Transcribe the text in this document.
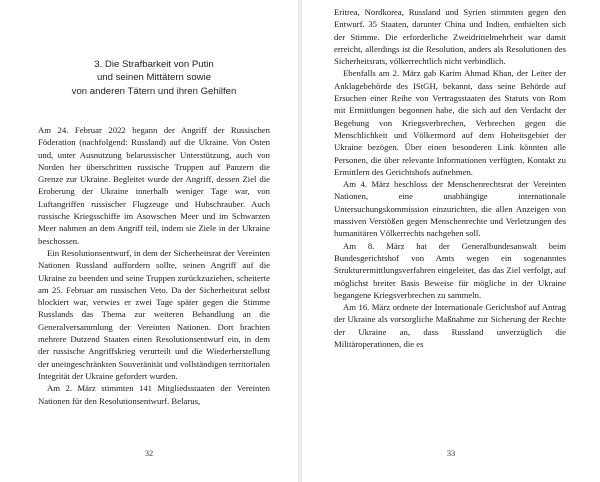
3. Die Strafbarkeit von Putin
und seinen Mittätern sowie
von anderen Tätern und ihren Gehilfen

Am 24. Februar 2022 begann der Angriff der Russischen Föderation (nachfolgend: Russland) auf die Ukraine. Von Osten und, unter Ausnutzung belarussischer Unterstützung, auch von Norden her überschritten russische Truppen auf Panzern die Grenze zur Ukraine. Begleitet wurde der Angriff, dessen Ziel die Eroberung der Ukraine innerhalb weniger Tage war, von Luftangriffen russischer Flugzeuge und Hubschrauber. Auch russische Kriegsschiffe im Asowschen Meer und im Schwarzen Meer nahmen an dem Angriff teil, indem sie Ziele in der Ukraine beschossen.

Ein Resolutionsentwurf, in dem der Sicherheitsrat der Vereinten Nationen Russland auffordern sollte, seinen Angriff auf die Ukraine zu beenden und seine Truppen zurückzuziehen, scheiterte am 25. Februar am russischen Veto. Da der Sicherheitsrat selbst blockiert war, verwies er zwei Tage später gegen die Stimme Russlands das Thema zur weiteren Behandlung an die Generalversammlung der Vereinten Nationen. Dort brachten mehrere Dutzend Staaten einen Resolutionsentwurf ein, in dem der russische Angriffskrieg verurteilt und die Wiederherstellung der uneingeschränkten Souveränität und vollständigen territorialen Integrität der Ukraine gefordert wurden.

Am 2. März stimmten 141 Mitgliedsstaaten der Vereinten Nationen für den Resolutionsentwurf. Belarus,

32

Eritrea, Nordkorea, Russland und Syrien stimmten gegen den Entwurf. 35 Staaten, darunter China und Indien, enthielten sich der Stimme. Die erforderliche Zweidrittelmehrheit war damit erreicht, allerdings ist die Resolution, anders als Resolutionen des Sicherheitsrats, völkerrechtlich nicht verbindlich.

Ebenfalls am 2. März gab Karim Ahmad Khan, der Leiter der Anklagebehörde des IStGH, bekannt, dass seine Behörde auf Ersuchen einer Reihe von Vertragsstaaten des Statuts von Rom mit Ermittlungen begonnen habe, die sich auf den Verdacht der Begehung von Kriegsverbrechen, Verbrechen gegen die Menschlichkeit und Völkermord auf dem Hoheitsgebiet der Ukraine bezögen. Über einen besonderen Link könnten alle Personen, die über relevante Informationen verfügten, Kontakt zu Ermittlern des Gerichtshofs aufnehmen.

Am 4. März beschloss der Menschenrechtsrat der Vereinten Nationen, eine unabhängige internationale Untersuchungskommission einzurichten, die allen Anzeigen von massiven Verstößen gegen Menschenrechte und Verletzungen des humanitären Völkerrechts nachgehen soll.

Am 8. März hat der Generalbundesanwalt beim Bundesgerichtshof von Amts wegen ein sogenanntes Strukturermittlungsverfahren eingeleitet, das das Ziel verfolgt, auf möglichst breiter Basis Beweise für mögliche in der Ukraine begangene Kriegsverbrechen zu sammeln.

Am 16. März ordnete der Internationale Gerichtshof auf Antrag der Ukraine als vorsorgliche Maßnahme zur Sicherung der Rechte der Ukraine an, dass Russland unverzüglich die Militäroperationen, die es

33
